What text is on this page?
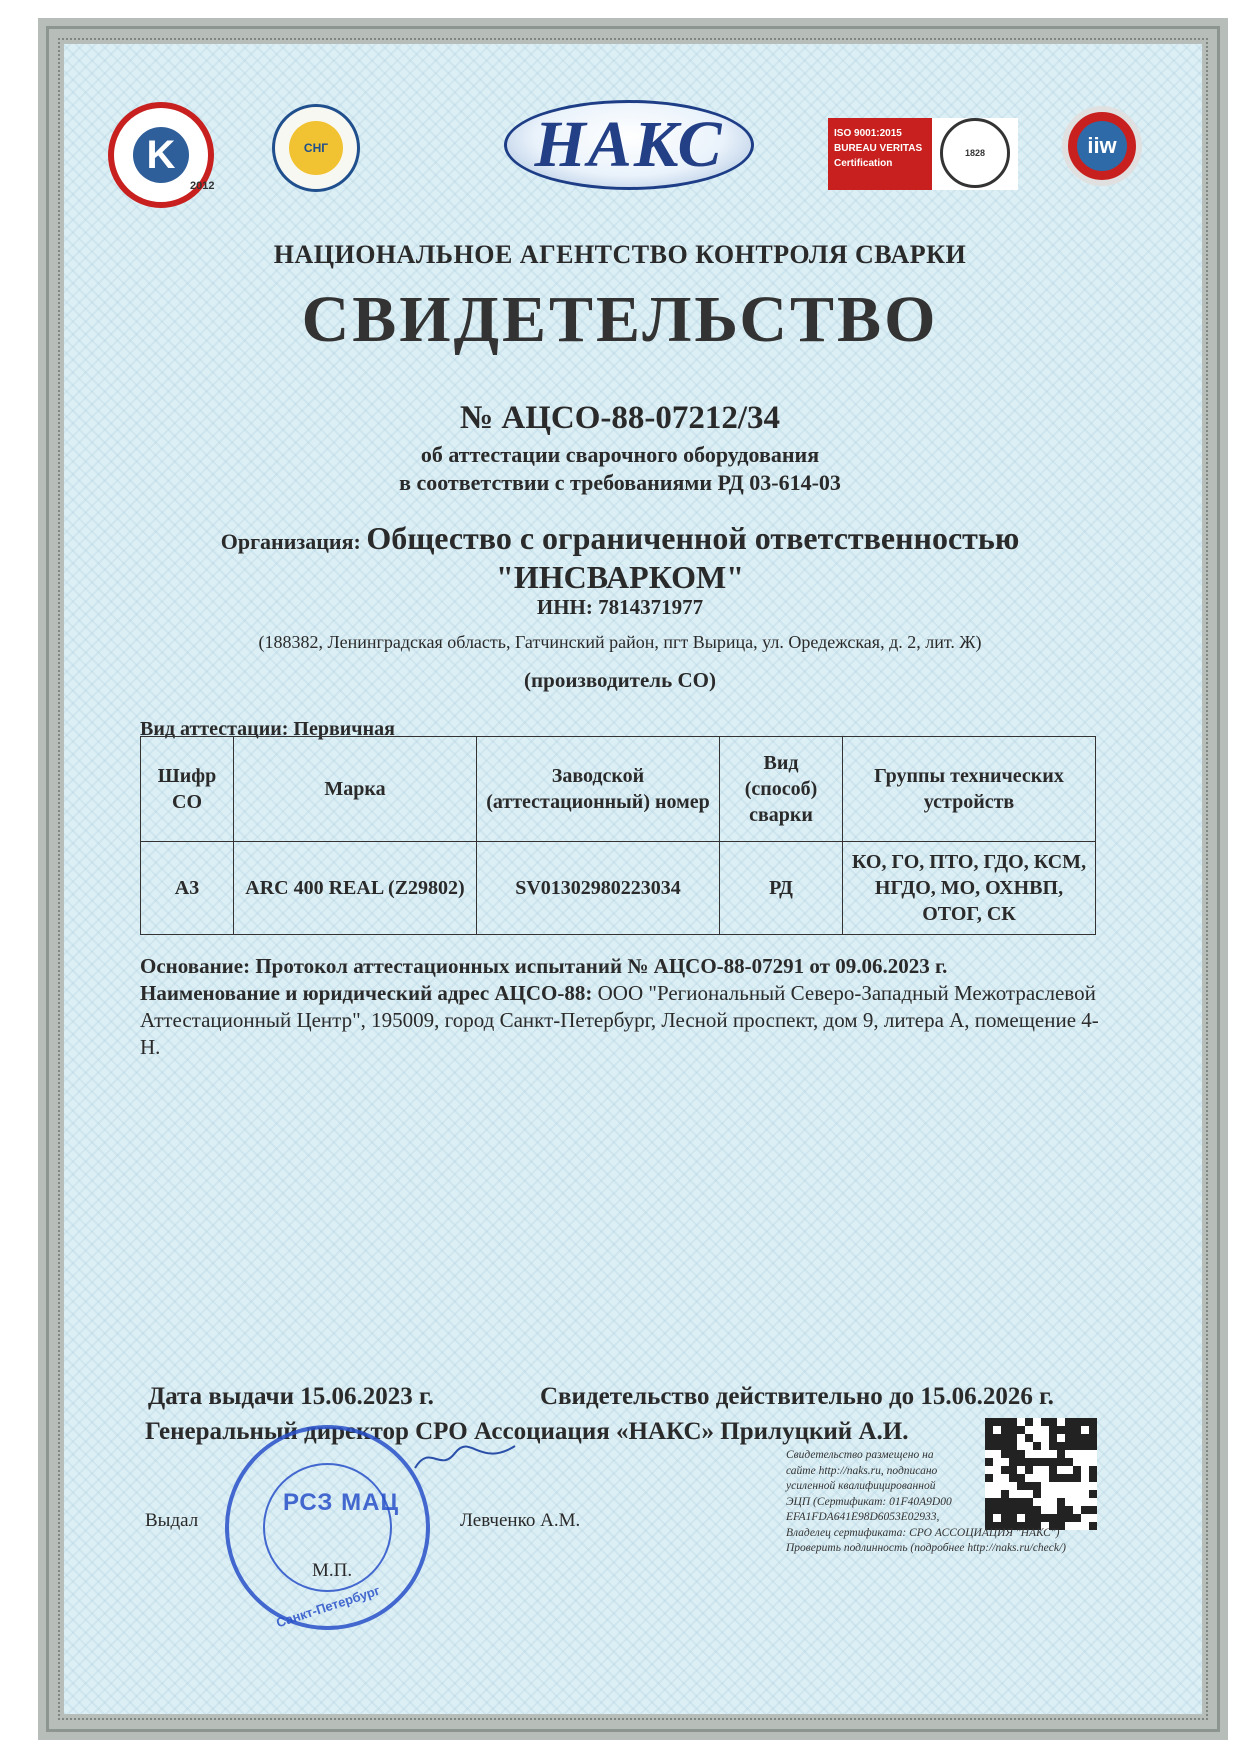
K
2012
СНГ	НАКС	ISO 9001:2015
BUREAU VERITAS
Certification
1828	iiw
НАЦИОНАЛЬНОЕ АГЕНТСТВО КОНТРОЛЯ СВАРКИ
СВИДЕТЕЛЬСТВО
№ АЦСО-88-07212/34
об аттестации сварочного оборудования
в соответствии с требованиями РД 03-614-03
Организация: Общество с ограниченной ответственностью
"ИНСВАРКОМ"
ИНН: 7814371977
(188382, Ленинградская область, Гатчинский район, пгт Вырица, ул. Оредежская, д. 2, лит. Ж)
(производитель СО)
Вид аттестации: Первичная
Шифр СО	Марка	Заводской (аттестационный) номер	Вид (способ) сварки	Группы технических устройств
А3	ARC 400 REAL (Z29802)	SV01302980223034	РД	КО, ГО, ПТО, ГДО, КСМ, НГДО, МО, ОХНВП, ОТОГ, СК
Основание: Протокол аттестационных испытаний № АЦСО-88-07291 от 09.06.2023 г.
Наименование и юридический адрес АЦСО-88: ООО "Региональный Северо-Западный Межотраслевой Аттестационный Центр", 195009, город Санкт-Петербург, Лесной проспект, дом 9, литера А, помещение 4-Н.
Дата выдачи 15.06.2023 г.	Свидетельство действительно до 15.06.2026 г.
Генеральный директор СРО Ассоциация «НАКС» Прилуцкий А.И.
Свидетельство размещено на
сайте http://naks.ru, подписано
усиленной квалифицированной
ЭЦП (Сертификат: 01F40A9D00
EFA1FDA641E98D6053E02933,
Владелец сертификата: СРО АССОЦИАЦИЯ "НАКС")
Проверить подлинность (подробнее http://naks.ru/check/)
Выдал	Левченко А.М.
РСЗ МАЦ
Санкт-Петербург
М.П.
